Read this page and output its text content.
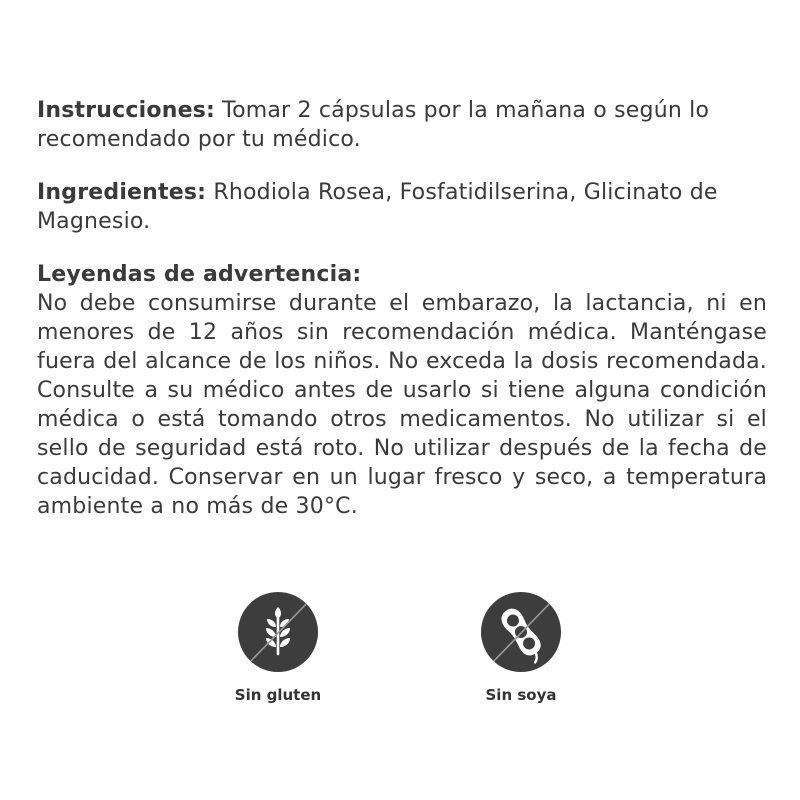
Instrucciones: Tomar 2 cápsulas por la mañana o según lo recomendado por tu médico.
Ingredientes: Rhodiola Rosea, Fosfatidilserina, Glicinato de Magnesio.
Leyendas de advertencia:
No debe consumirse durante el embarazo, la lactancia, ni en menores de 12 años sin recomendación médica. Manténgase fuera del alcance de los niños. No exceda la dosis recomendada. Consulte a su médico antes de usarlo si tiene alguna condición médica o está tomando otros medicamentos. No utilizar si el sello de seguridad está roto. No utilizar después de la fecha de caducidad. Conservar en un lugar fresco y seco, a temperatura ambiente a no más de 30°C.
Sin gluten	Sin soya
